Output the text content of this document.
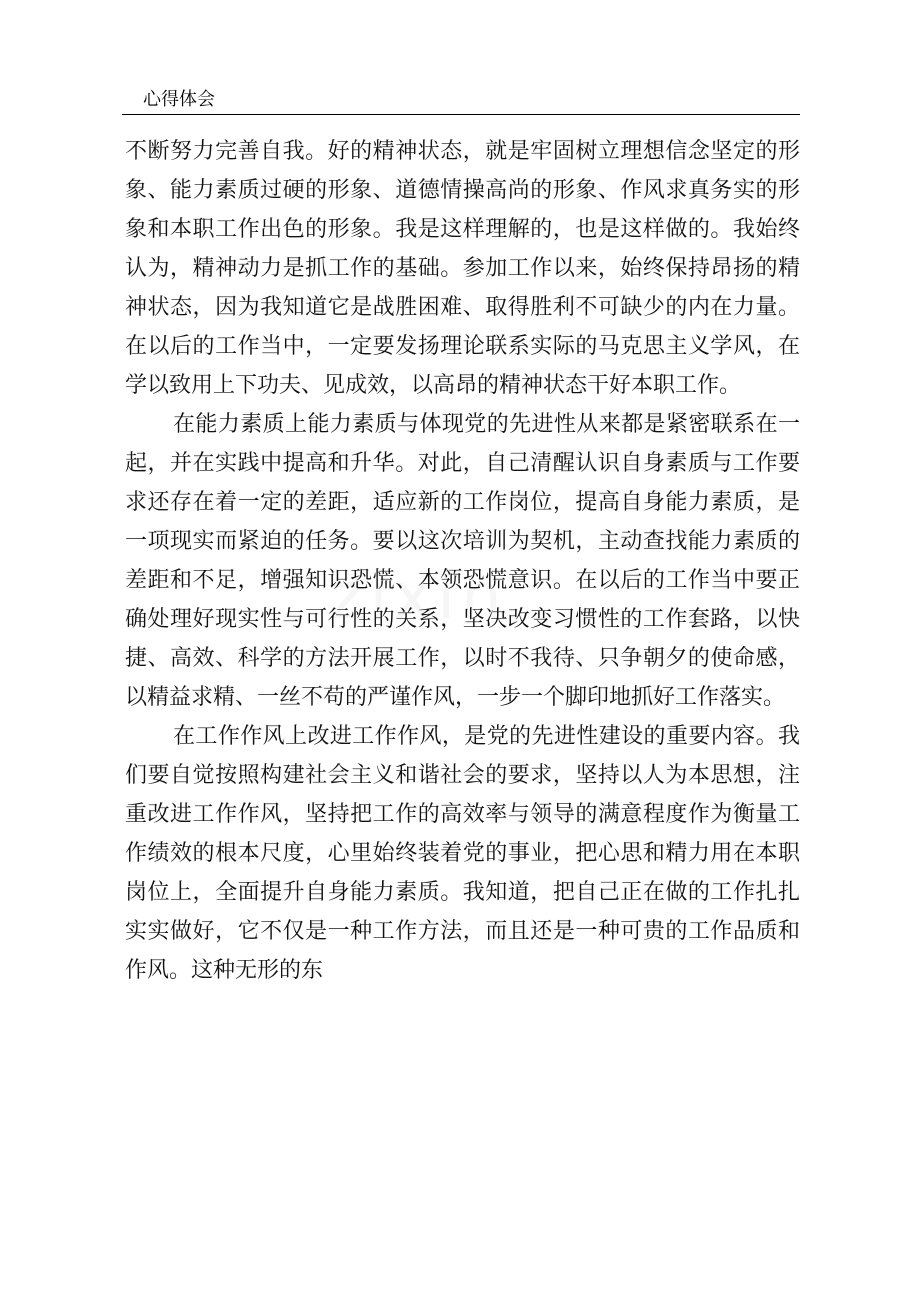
心得体会

不断努力完善自我。好的精神状态，就是牢固树立理想信念坚定的形象、能力素质过硬的形象、道德情操高尚的形象、作风求真务实的形象和本职工作出色的形象。我是这样理解的，也是这样做的。我始终认为，精神动力是抓工作的基础。参加工作以来，始终保持昂扬的精神状态，因为我知道它是战胜困难、取得胜利不可缺少的内在力量。在以后的工作当中，一定要发扬理论联系实际的马克思主义学风，在学以致用上下功夫、见成效，以高昂的精神状态干好本职工作。

在能力素质上能力素质与体现党的先进性从来都是紧密联系在一起，并在实践中提高和升华。对此，自己清醒认识自身素质与工作要求还存在着一定的差距，适应新的工作岗位，提高自身能力素质，是一项现实而紧迫的任务。要以这次培训为契机，主动查找能力素质的差距和不足，增强知识恐慌、本领恐慌意识。在以后的工作当中要正确处理好现实性与可行性的关系，坚决改变习惯性的工作套路，以快捷、高效、科学的方法开展工作，以时不我待、只争朝夕的使命感，以精益求精、一丝不苟的严谨作风，一步一个脚印地抓好工作落实。

在工作作风上改进工作作风，是党的先进性建设的重要内容。我们要自觉按照构建社会主义和谐社会的要求，坚持以人为本思想，注重改进工作作风，坚持把工作的高效率与领导的满意程度作为衡量工作绩效的根本尺度，心里始终装着党的事业，把心思和精力用在本职岗位上，全面提升自身能力素质。我知道，把自己正在做的工作扎扎实实做好，它不仅是一种工作方法，而且还是一种可贵的工作品质和作风。这种无形的东
